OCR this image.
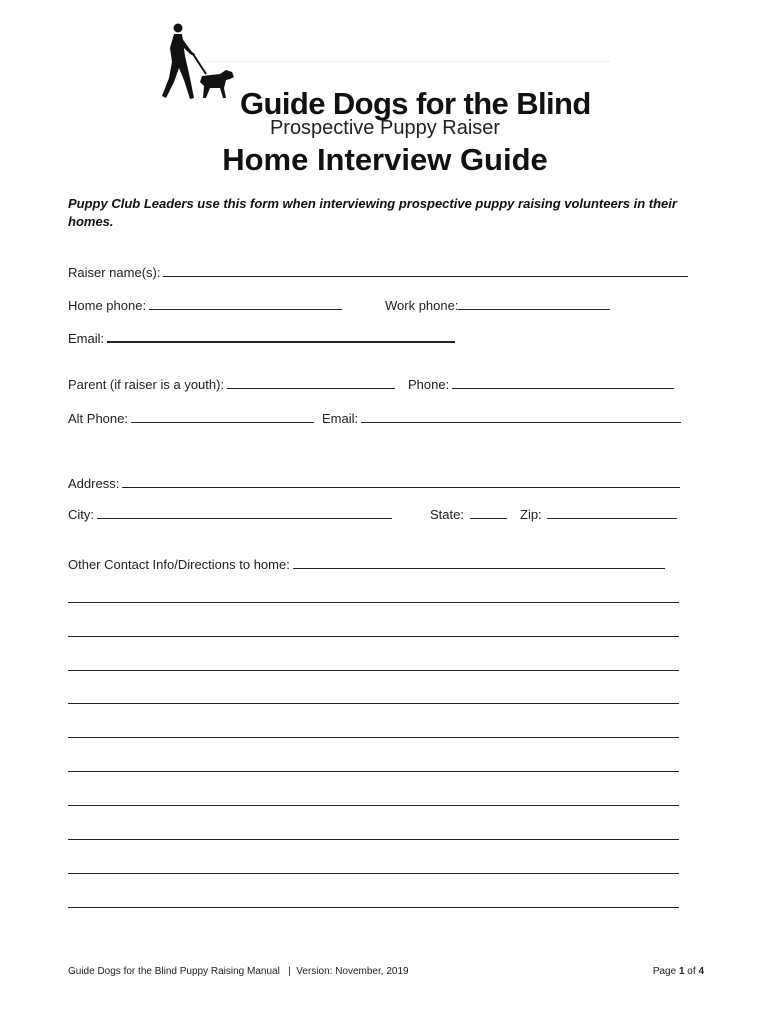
Guide Dogs for the Blind
Prospective Puppy Raiser
Home Interview Guide
Puppy Club Leaders use this form when interviewing prospective puppy raising volunteers in their homes.
Raiser name(s):
Home phone:	Work phone:
Email:
Parent (if raiser is a youth):	Phone:
Alt Phone:	Email:
Address:
City:	State:	Zip:
Other Contact Info/Directions to home:
Guide Dogs for the Blind Puppy Raising Manual   |  Version: November, 2019	Page 1 of 4
